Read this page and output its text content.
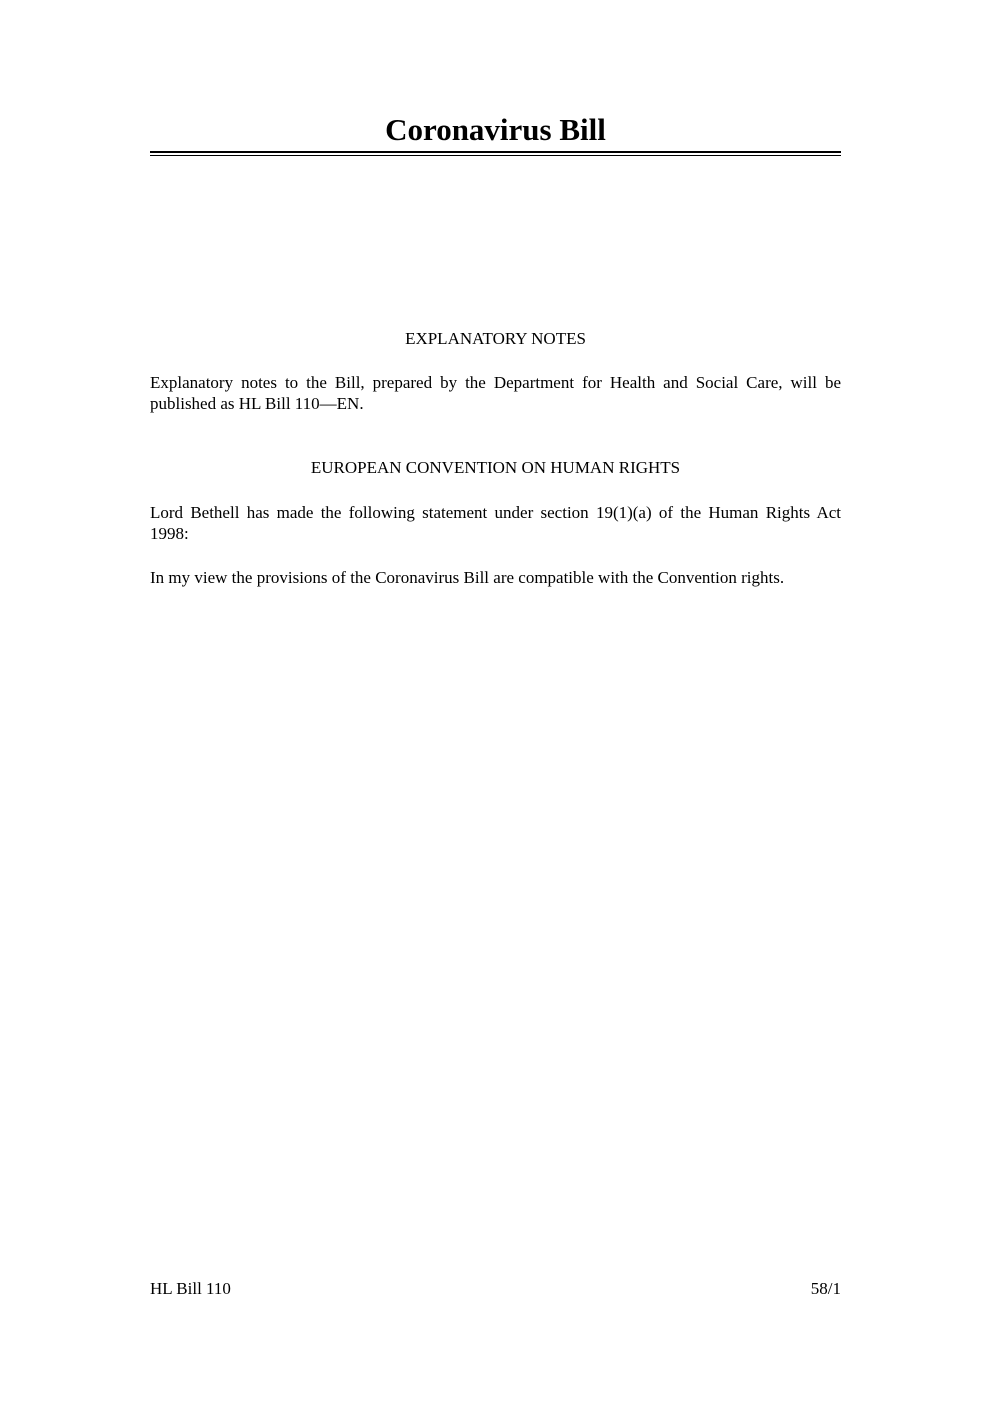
Coronavirus Bill
EXPLANATORY NOTES

Explanatory notes to the Bill, prepared by the Department for Health and Social Care, will be published as HL Bill 110—EN.

EUROPEAN CONVENTION ON HUMAN RIGHTS

Lord Bethell has made the following statement under section 19(1)(a) of the Human Rights Act 1998:

In my view the provisions of the Coronavirus Bill are compatible with the Convention rights.

HL Bill 110	58/1
